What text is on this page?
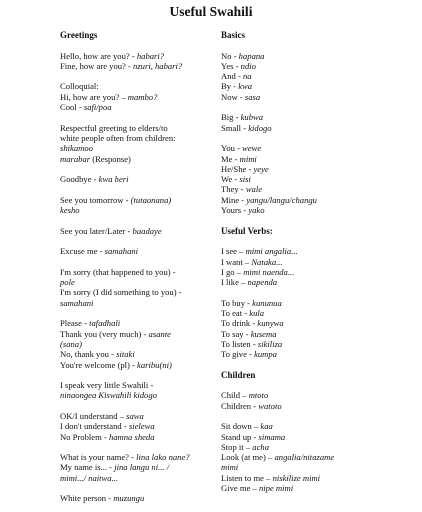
Useful Swahili
Greetings
Hello, how are you? - habari?
Fine, how are you? - nzuri, habari?
Colloquial:
Hi, how are you? – mambo?
Cool - safi/poa
Respectful greeting to elders/to
white people often from children:
shikamoo
marabar (Response)
Goodbye - kwa heri
See you tomorrow - (tutaonana)
kesho
See you later/Later - baadaye
Excuse me - samahani
I'm sorry (that happened to you) -
pole
I'm sorry (I did something to you) -
samahani
Please - tafadhali
Thank you (very much) - asante
(sana)
No, thank you - sitaki
You're welcome (pl) - karibu(ni)
I speak very little Swahili -
ninaongea Kiswahili kidogo
OK/I understand – sawa
I don't understand - sielewa
No Problem - hamna sheda
What is your name? - lina lako nane?
My name is... - jina langu ni... /
mimi.../ naitwa...
White person - muzungu
Basics
No - hapana
Yes - ndio
And - na
By - kwa
Now - sasa
Big - kubwa
Small - kidogo
You - wewe
Me - mimi
He/She - yeye
We - sisi
They - wale
Mine - yangu/langu/changu
Yours - yako
Useful Verbs:
I see – mimi angalia...
I want – Nataka...
I go – mimi naenda...
I like – napenda
To buy - kununua
To eat - kula
To drink - kunywa
To say - kusema
To listen - sikiliza
To give - kumpa
Children
Child – mtoto
Children - watoto
Sit down – kaa
Stand up - simama
Stop it – acha
Look (at me) – angalia/nitazame
mimi
Listen to me – niskilize mimi
Give me – nipe mimi
